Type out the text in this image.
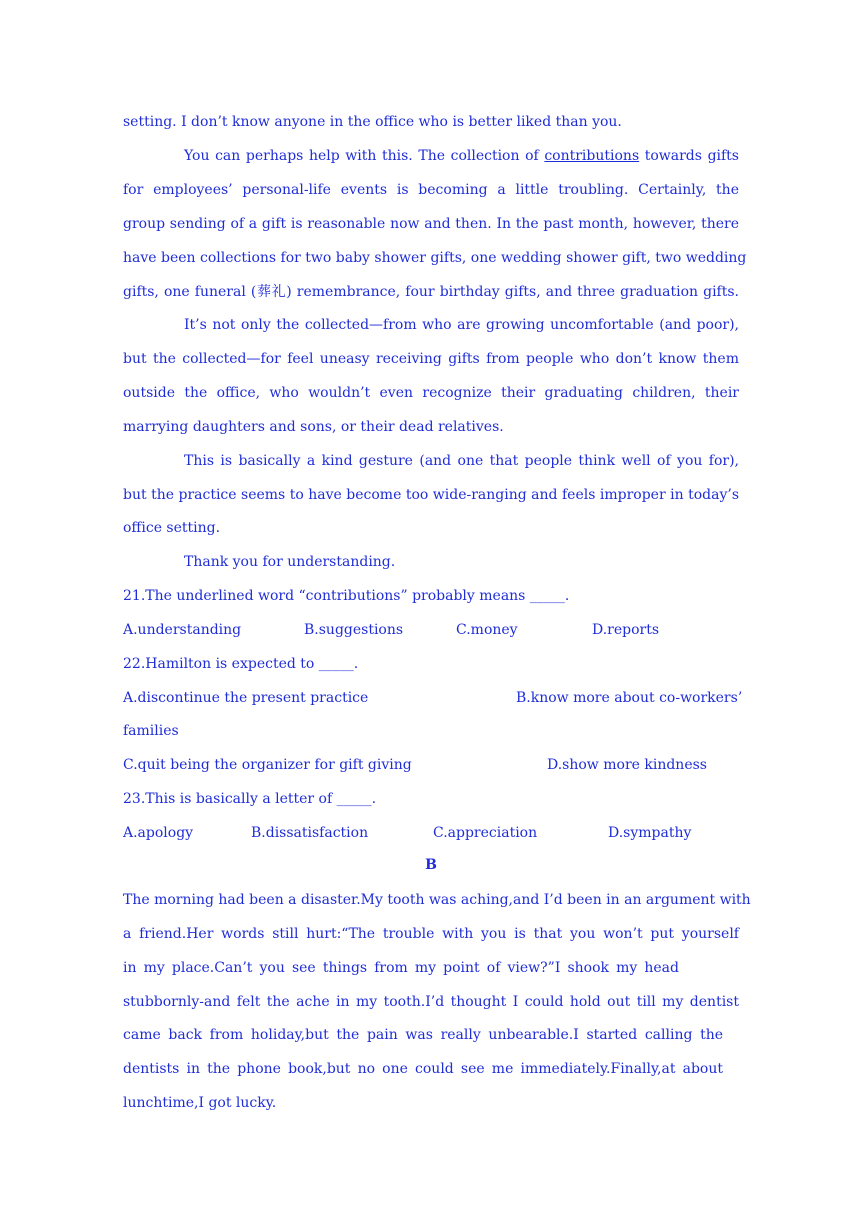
setting. I don’t know anyone in the office who is better liked than you.
You can perhaps help with this. The collection of contributions towards gifts
for employees’ personal-life events is becoming a little troubling. Certainly, the
group sending of a gift is reasonable now and then. In the past month, however, there
have been collections for two baby shower gifts, one wedding shower gift, two wedding
gifts, one funeral (葬礼) remembrance, four birthday gifts, and three graduation gifts.
It’s not only the collected—from who are growing uncomfortable (and poor),
but the collected—for feel uneasy receiving gifts from people who don’t know them
outside the office, who wouldn’t even recognize their graduating children, their
marrying daughters and sons, or their dead relatives.
This is basically a kind gesture (and one that people think well of you for),
but the practice seems to have become too wide-ranging and feels improper in today’s
office setting.
Thank you for understanding.
21.The underlined word “contributions” probably means _____.
A.understanding	B.suggestions	C.money	D.reports
22.Hamilton is expected to _____.
A.discontinue the present practice	B.know more about co-workers’
families
C.quit being the organizer for gift giving	D.show more kindness
23.This is basically a letter of _____.
A.apology	B.dissatisfaction	C.appreciation	D.sympathy
B
The morning had been a disaster.My tooth was aching,and I’d been in an argument with
a friend.Her words still hurt:“The trouble with you is that you won’t put yourself
in my place.Can’t you see things from my point of view?”I shook my head
stubbornly-and felt the ache in my tooth.I’d thought I could hold out till my dentist
came back from holiday,but the pain was really unbearable.I started calling the
dentists in the phone book,but no one could see me immediately.Finally,at about
lunchtime,I got lucky.
